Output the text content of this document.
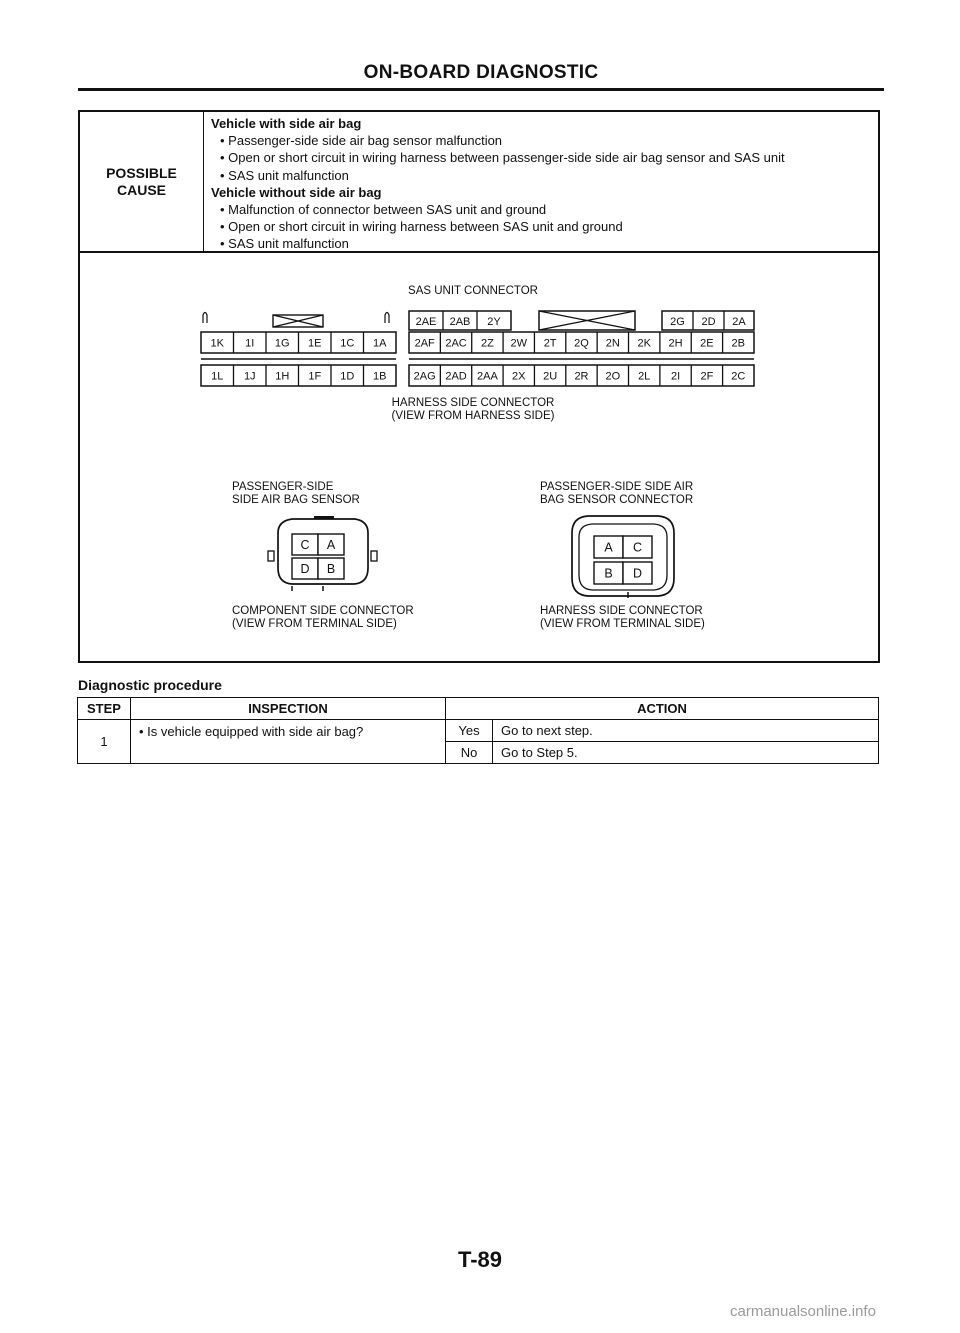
ON-BOARD DIAGNOSTIC
POSSIBLE
CAUSE
Vehicle with side air bag
• Passenger-side side air bag sensor malfunction
• Open or short circuit in wiring harness between passenger-side side air bag sensor and SAS unit
• SAS unit malfunction
Vehicle without side air bag
• Malfunction of connector between SAS unit and ground
• Open or short circuit in wiring harness between SAS unit and ground
• SAS unit malfunction
SAS UNIT CONNECTOR
1K 1I 1G 1E 1C 1A
1L 1J 1H 1F 1D 1B
2AE 2AB 2Y	2G 2D 2A
2AF 2AC 2Z 2W 2T 2Q 2N 2K 2H 2E 2B
2AG 2AD 2AA 2X 2U 2R 2O 2L 2I 2F 2C
HARNESS SIDE CONNECTOR
(VIEW FROM HARNESS SIDE)
PASSENGER-SIDE
SIDE AIR BAG SENSOR
C A
D B
COMPONENT SIDE CONNECTOR
(VIEW FROM TERMINAL SIDE)
PASSENGER-SIDE SIDE AIR
BAG SENSOR CONNECTOR
A C
B D
HARNESS SIDE CONNECTOR
(VIEW FROM TERMINAL SIDE)
Diagnostic procedure
STEP	INSPECTION	ACTION	
1	• Is vehicle equipped with side air bag?	Yes	Go to next step.
		No	Go to Step 5.
T-89
carmanualsonline.info
